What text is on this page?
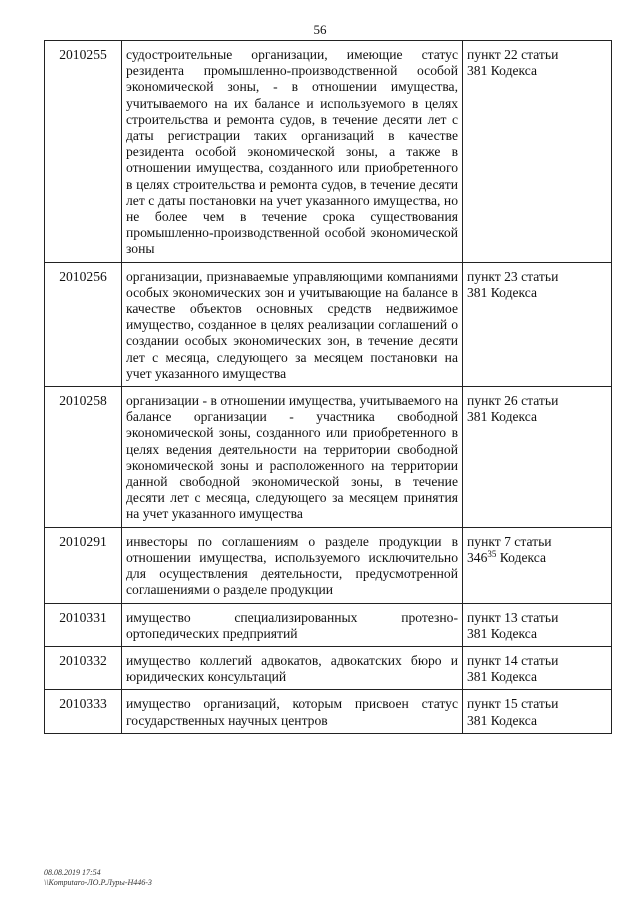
56
2010255	судостроительные организации, имеющие статус резидента промышленно-производственной особой экономической зоны, - в отношении имущества, учитываемого на их балансе и используемого в целях строительства и ремонта судов, в течение десяти лет с даты регистрации таких организаций в качестве резидента особой экономической зоны, а также в отношении имущества, созданного или приобретенного в целях строительства и ремонта судов, в течение десяти лет с даты постановки на учет указанного имущества, но не более чем в течение срока существования промышленно-производственной особой экономической зоны	пункт 22 статьи
381 Кодекса

2010256	организации, признаваемые управляющими компаниями особых экономических зон и учитывающие на балансе в качестве объектов основных средств недвижимое имущество, созданное в целях реализации соглашений о создании особых экономических зон, в течение десяти лет с месяца, следующего за месяцем постановки на учет указанного имущества	пункт 23 статьи
381 Кодекса

2010258	организации - в отношении имущества, учитываемого на балансе организации - участника свободной экономической зоны, созданного или приобретенного в целях ведения деятельности на территории свободной экономической зоны и расположенного на территории данной свободной экономической зоны, в течение десяти лет с месяца, следующего за месяцем принятия на учет указанного имущества	пункт 26 статьи
381 Кодекса

2010291	инвесторы по соглашениям о разделе продукции в отношении имущества, используемого исключительно для осуществления деятельности, предусмотренной соглашениями о разделе продукции	пункт 7 статьи
$346^{35}$ Кодекса

2010331	имущество специализированных протезно-ортопедических предприятий	пункт 13 статьи
381 Кодекса

2010332	имущество коллегий адвокатов, адвокатских бюро и юридических консультаций	пункт 14 статьи
381 Кодекса

2010333	имущество организаций, которым присвоен статус государственных научных центров	пункт 15 статьи
381 Кодекса
08.08.2019 17:54
\\Komputaro-ЛО.Р.Луры-Н446-3
